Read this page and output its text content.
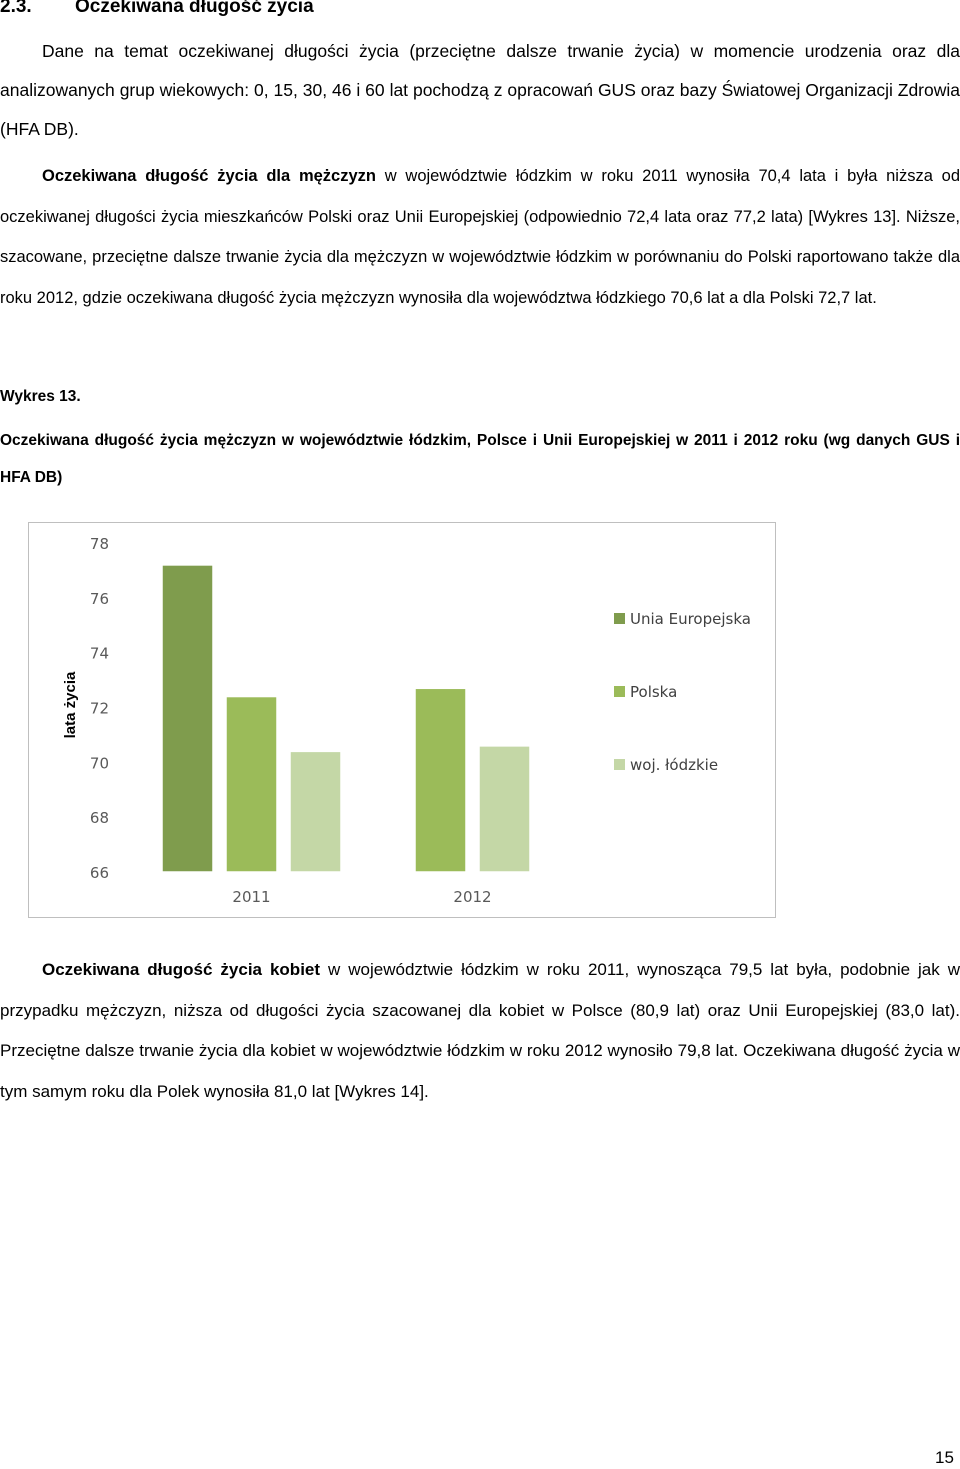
2.3. Oczekiwana długość życia

Dane na temat oczekiwanej długości życia (przeciętne dalsze trwanie życia) w momencie urodzenia oraz dla analizowanych grup wiekowych: 0, 15, 30, 46 i 60 lat pochodzą z opracowań GUS oraz bazy Światowej Organizacji Zdrowia (HFA DB).

Oczekiwana długość życia dla mężczyzn w województwie łódzkim w roku 2011 wynosiła 70,4 lata i była niższa od oczekiwanej długości życia mieszkańców Polski oraz Unii Europejskiej (odpowiednio 72,4 lata oraz 77,2 lata) [Wykres 13]. Niższe, szacowane, przeciętne dalsze trwanie życia dla mężczyzn w województwie łódzkim w porównaniu do Polski raportowano także dla roku 2012, gdzie oczekiwana długość życia mężczyzn wynosiła dla województwa łódzkiego 70,6 lat a dla Polski 72,7 lat.

Wykres 13.

Oczekiwana długość życia mężczyzn w województwie łódzkim, Polsce i Unii Europejskiej w 2011 i 2012 roku (wg danych GUS i HFA DB)

66
68
70
72
74
76
78
2011	2012
Unia Europejska
Polska
woj. łódzkie
lata życia

Oczekiwana długość życia kobiet w województwie łódzkim w roku 2011, wynosząca 79,5 lat była, podobnie jak w przypadku mężczyzn, niższa od długości życia szacowanej dla kobiet w Polsce (80,9 lat) oraz Unii Europejskiej (83,0 lat). Przeciętne dalsze trwanie życia dla kobiet w województwie łódzkim w roku 2012 wynosiło 79,8 lat. Oczekiwana długość życia w tym samym roku dla Polek wynosiła 81,0 lat [Wykres 14].

15
